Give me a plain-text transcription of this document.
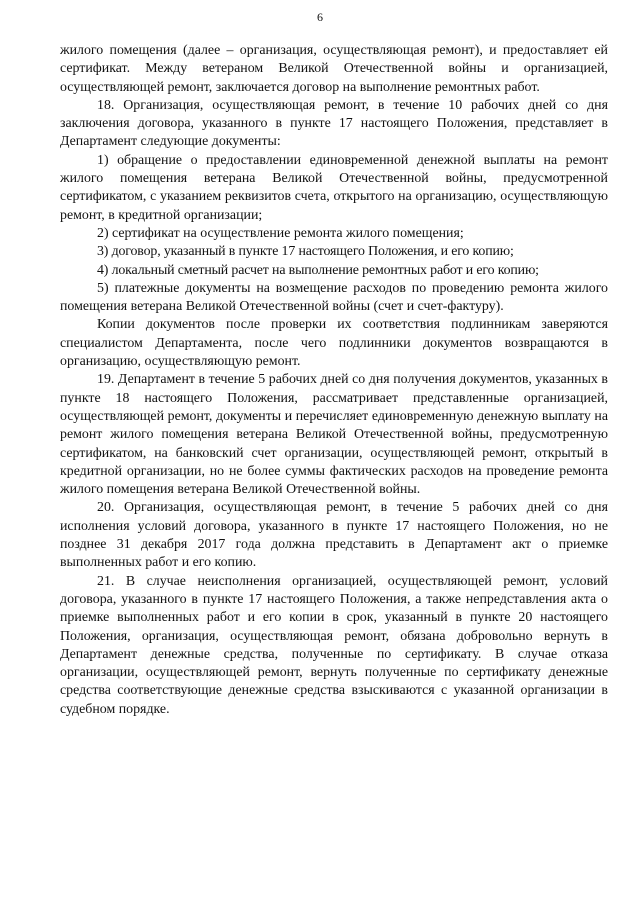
6

жилого помещения (далее – организация, осуществляющая ремонт), и предоставляет ей сертификат. Между ветераном Великой Отечественной войны и организацией, осуществляющей ремонт, заключается договор на выполнение ремонтных работ.

18. Организация, осуществляющая ремонт, в течение 10 рабочих дней со дня заключения договора, указанного в пункте 17 настоящего Положения, представляет в Департамент следующие документы:

1) обращение о предоставлении единовременной денежной выплаты на ремонт жилого помещения ветерана Великой Отечественной войны, предусмотренной сертификатом, с указанием реквизитов счета, открытого на организацию, осуществляющую ремонт, в кредитной организации;

2) сертификат на осуществление ремонта жилого помещения;

3) договор, указанный в пункте 17 настоящего Положения, и его копию;

4) локальный сметный расчет на выполнение ремонтных работ и его копию;

5) платежные документы на возмещение расходов по проведению ремонта жилого помещения ветерана Великой Отечественной войны (счет и счет-фактуру).

Копии документов после проверки их соответствия подлинникам заверяются специалистом Департамента, после чего подлинники документов возвращаются в организацию, осуществляющую ремонт.

19. Департамент в течение 5 рабочих дней со дня получения документов, указанных в пункте 18 настоящего Положения, рассматривает представленные организацией, осуществляющей ремонт, документы и перечисляет единовременную денежную выплату на ремонт жилого помещения ветерана Великой Отечественной войны, предусмотренную сертификатом, на банковский счет организации, осуществляющей ремонт, открытый в кредитной организации, но не более суммы фактических расходов на проведение ремонта жилого помещения ветерана Великой Отечественной войны.

20. Организация, осуществляющая ремонт, в течение 5 рабочих дней со дня исполнения условий договора, указанного в пункте 17 настоящего Положения, но не позднее 31 декабря 2017 года должна представить в Департамент акт о приемке выполненных работ и его копию.

21. В случае неисполнения организацией, осуществляющей ремонт, условий договора, указанного в пункте 17 настоящего Положения, а также непредставления акта о приемке выполненных работ и его копии в срок, указанный в пункте 20 настоящего Положения, организация, осуществляющая ремонт, обязана добровольно вернуть в Департамент денежные средства, полученные по сертификату. В случае отказа организации, осуществляющей ремонт, вернуть полученные по сертификату денежные средства соответствующие денежные средства взыскиваются с указанной организации в судебном порядке.
